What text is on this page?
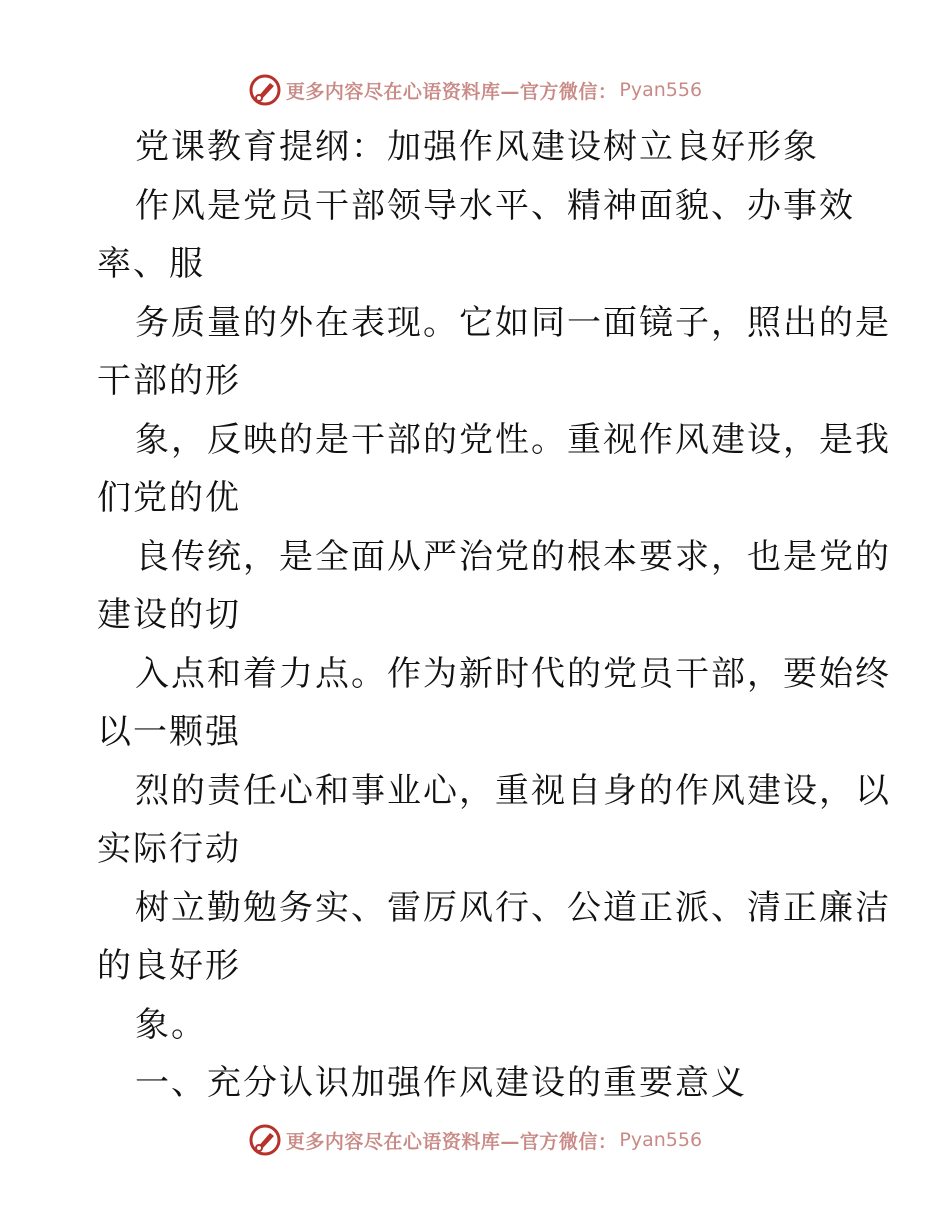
更多内容尽在心语资料库—官方微信： Pyan556
党课教育提纲：加强作风建设树立良好形象
作风是党员干部领导水平、精神面貌、办事效
率、服
务质量的外在表现。它如同一面镜子，照出的是
干部的形
象，反映的是干部的党性。重视作风建设，是我
们党的优
良传统，是全面从严治党的根本要求，也是党的
建设的切
入点和着力点。作为新时代的党员干部，要始终
以一颗强
烈的责任心和事业心，重视自身的作风建设，以
实际行动
树立勤勉务实、雷厉风行、公道正派、清正廉洁
的良好形
象。
一、充分认识加强作风建设的重要意义
更多内容尽在心语资料库—官方微信： Pyan556
